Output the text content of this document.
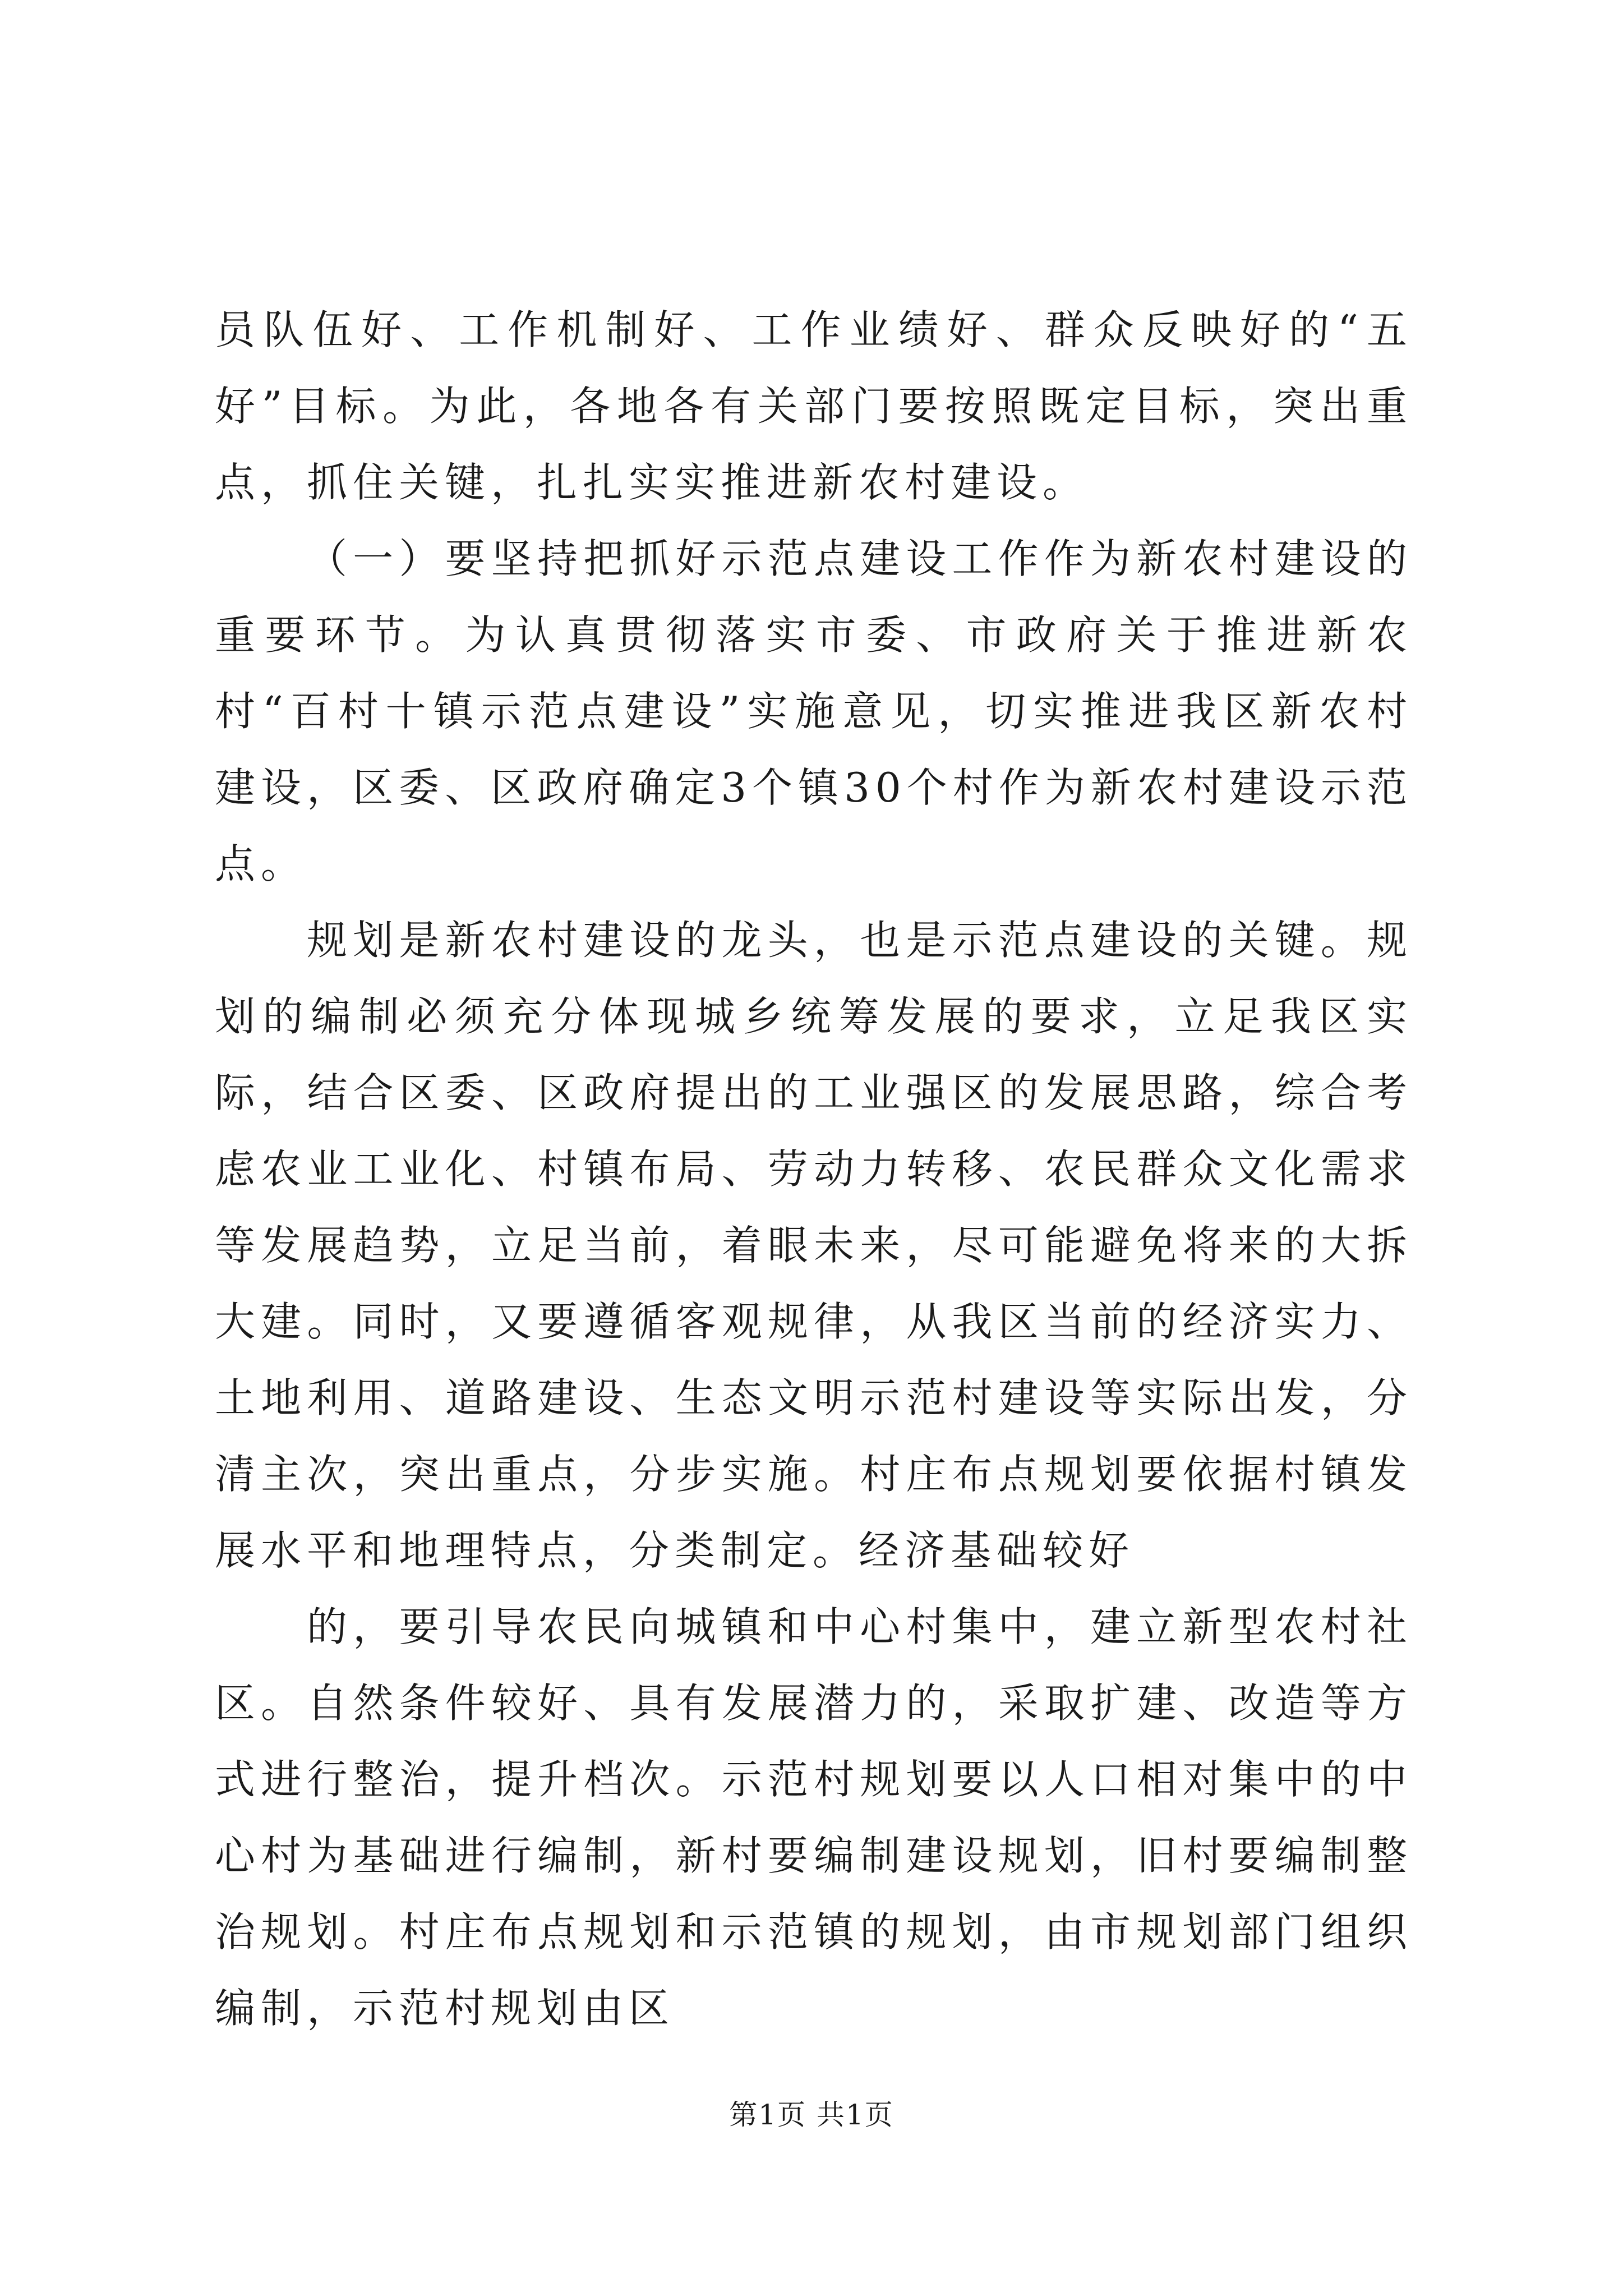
员队伍好、工作机制好、工作业绩好、群众反映好的“五好”目标。为此，各地各有关部门要按照既定目标，突出重点，抓住关键，扎扎实实推进新农村建设。

（一）要坚持把抓好示范点建设工作作为新农村建设的重要环节。为认真贯彻落实市委、市政府关于推进新农村“百村十镇示范点建设”实施意见，切实推进我区新农村建设，区委、区政府确定3个镇30个村作为新农村建设示范点。

规划是新农村建设的龙头，也是示范点建设的关键。规划的编制必须充分体现城乡统筹发展的要求，立足我区实际，结合区委、区政府提出的工业强区的发展思路，综合考虑农业工业化、村镇布局、劳动力转移、农民群众文化需求等发展趋势，立足当前，着眼未来，尽可能避免将来的大拆大建。同时，又要遵循客观规律，从我区当前的经济实力、土地利用、道路建设、生态文明示范村建设等实际出发，分清主次，突出重点，分步实施。村庄布点规划要依据村镇发展水平和地理特点，分类制定。经济基础较好

的，要引导农民向城镇和中心村集中，建立新型农村社区。自然条件较好、具有发展潜力的，采取扩建、改造等方式进行整治，提升档次。示范村规划要以人口相对集中的中心村为基础进行编制，新村要编制建设规划，旧村要编制整治规划。村庄布点规划和示范镇的规划，由市规划部门组织编制，示范村规划由区

第1页 共1页
